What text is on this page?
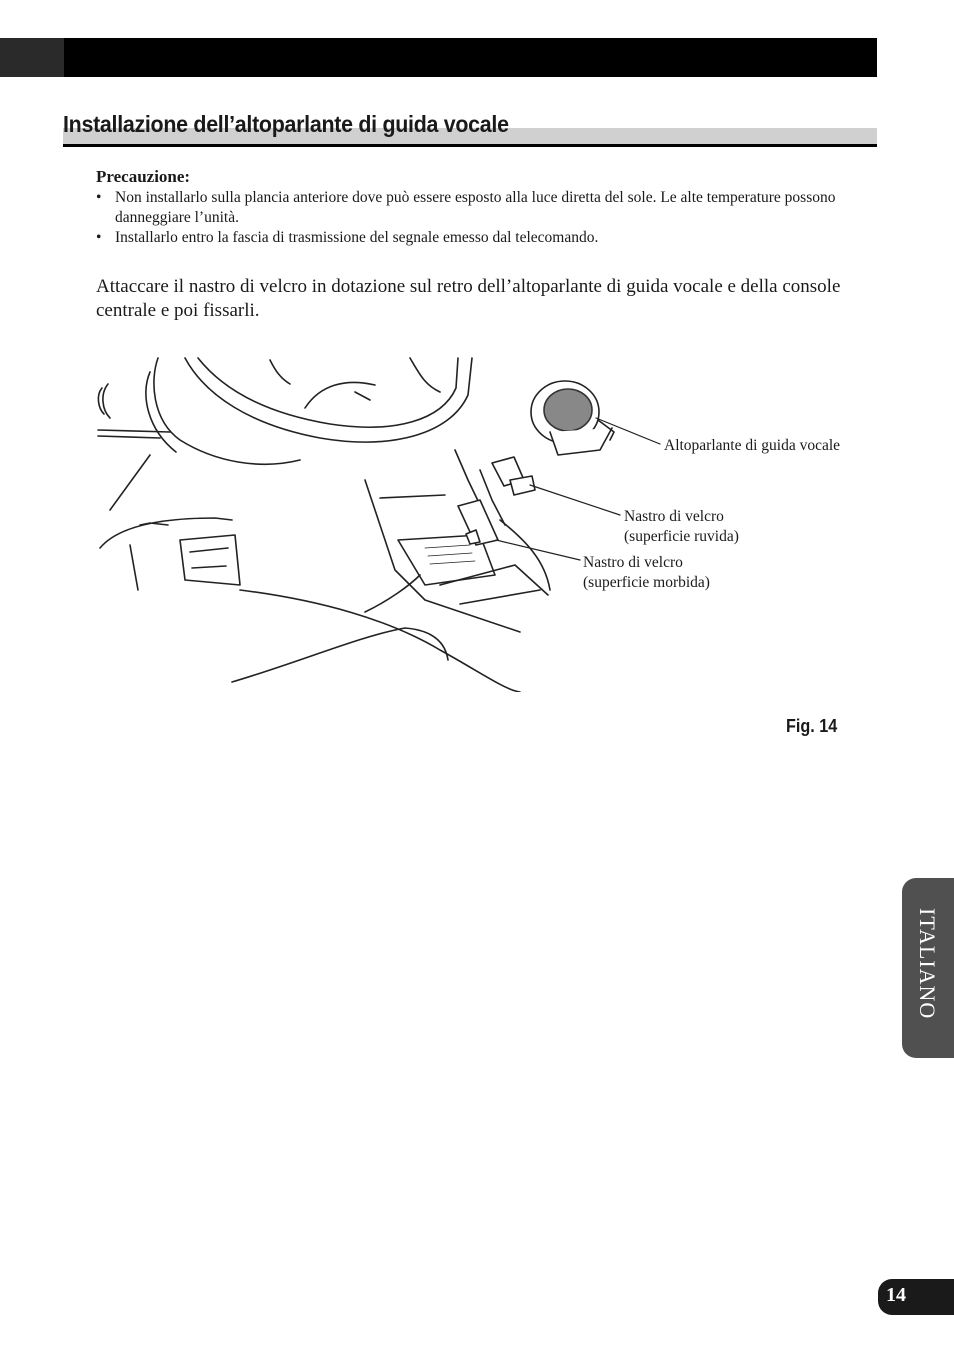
Installazione dell’altoparlante di guida vocale
Precauzione:
• Non installarlo sulla plancia anteriore dove può essere esposto alla luce diretta del sole. Le alte temperature possono danneggiare l’unità.
• Installarlo entro la fascia di trasmissione del segnale emesso dal telecomando.
Attaccare il nastro di velcro in dotazione sul retro dell’altoparlante di guida vocale e della console centrale e poi fissarli.
Altoparlante di guida vocale
Nastro di velcro
(superficie ruvida)
Nastro di velcro
(superficie morbida)
Fig. 14
ITALIANO
14
